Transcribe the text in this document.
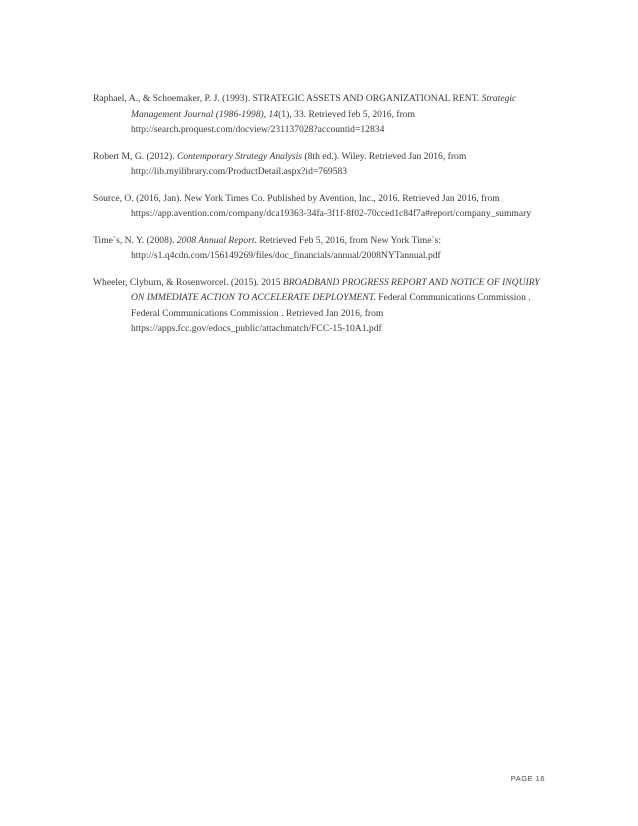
Raphael, A., & Schoemaker, P. J. (1993). STRATEGIC ASSETS AND ORGANIZATIONAL RENT. Strategic Management Journal (1986-1998), 14(1), 33. Retrieved feb 5, 2016, from http://search.proquest.com/docview/231137028?accountid=12834

Robert M, G. (2012). Contemporary Strategy Analysis (8th ed.). Wiley. Retrieved Jan 2016, from http://lib.myilibrary.com/ProductDetail.aspx?id=769583

Source, O. (2016, Jan). New York Times Co. Published by Avention, Inc., 2016. Retrieved Jan 2016, from https://app.avention.com/company/dca19363-34fa-3f1f-8f02-70cced1c84f7a#report/company_summary

Time`s, N. Y. (2008). 2008 Annual Report. Retrieved Feb 5, 2016, from New York Time`s: http://s1.q4cdn.com/156149269/files/doc_financials/annual/2008NYTannual.pdf

Wheeler, Clyburn, & Rosenworcel. (2015). 2015 BROADBAND PROGRESS REPORT AND NOTICE OF INQUIRY ON IMMEDIATE ACTION TO ACCELERATE DEPLOYMENT. Federal Communications Commission . Federal Communications Commission . Retrieved Jan 2016, from https://apps.fcc.gov/edocs_public/attachmatch/FCC-15-10A1.pdf

PAGE 16
